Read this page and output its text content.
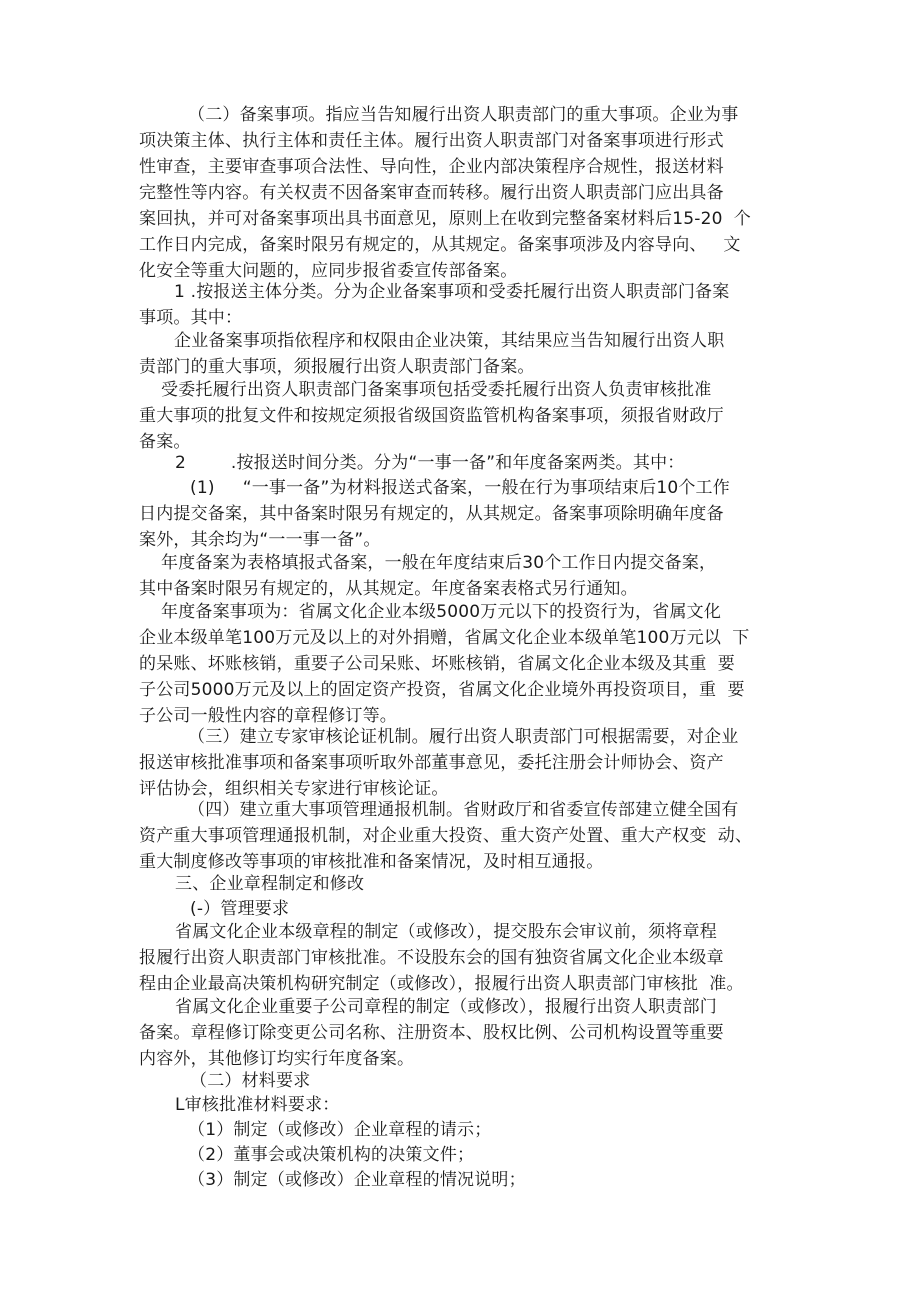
（二）备案事项。指应当告知履行出资人职责部门的重大事项。企业为事
项决策主体、执行主体和责任主体。履行出资人职责部门对备案事项进行形式
性审查，主要审查事项合法性、导向性，企业内部决策程序合规性，报送材料
完整性等内容。有关权责不因备案审查而转移。履行出资人职责部门应出具备
案回执，并可对备案事项出具书面意见，原则上在收到完整备案材料后15-20  个
工作日内完成，备案时限另有规定的，从其规定。备案事项涉及内容导向、   文
化安全等重大问题的，应同步报省委宣传部备案。
1 .按报送主体分类。分为企业备案事项和受委托履行出资人职责部门备案
事项。其中：
企业备案事项指依程序和权限由企业决策，其结果应当告知履行出资人职
责部门的重大事项，须报履行出资人职责部门备案。
受委托履行出资人职责部门备案事项包括受委托履行出资人负责审核批准
重大事项的批复文件和按规定须报省级国资监管机构备案事项，须报省财政厅
备案。
2        .按报送时间分类。分为“一事一备”和年度备案两类。其中：
(1)     “一事一备”为材料报送式备案，一般在行为事项结束后10个工作
日内提交备案，其中备案时限另有规定的，从其规定。备案事项除明确年度备
案外，其余均为“一一事一备”。
年度备案为表格填报式备案，一般在年度结束后30个工作日内提交备案，
其中备案时限另有规定的，从其规定。年度备案表格式另行通知。
年度备案事项为：省属文化企业本级5000万元以下的投资行为，省属文化
企业本级单笔100万元及以上的对外捐赠，省属文化企业本级单笔100万元以  下
的呆账、坏账核销，重要子公司呆账、坏账核销，省属文化企业本级及其重  要
子公司5000万元及以上的固定资产投资，省属文化企业境外再投资项目，重  要
子公司一般性内容的章程修订等。
（三）建立专家审核论证机制。履行出资人职责部门可根据需要，对企业
报送审核批准事项和备案事项听取外部董事意见，委托注册会计师协会、资产
评估协会，组织相关专家进行审核论证。
（四）建立重大事项管理通报机制。省财政厅和省委宣传部建立健全国有
资产重大事项管理通报机制，对企业重大投资、重大资产处置、重大产权变  动、
重大制度修改等事项的审核批准和备案情况，及时相互通报。
三、企业章程制定和修改
(-）管理要求
省属文化企业本级章程的制定（或修改），提交股东会审议前，须将章程
报履行出资人职责部门审核批准。不设股东会的国有独资省属文化企业本级章
程由企业最高决策机构研究制定（或修改），报履行出资人职责部门审核批  准。
省属文化企业重要子公司章程的制定（或修改），报履行出资人职责部门
备案。章程修订除变更公司名称、注册资本、股权比例、公司机构设置等重要
内容外，其他修订均实行年度备案。
（二）材料要求
L审核批准材料要求：
（1）制定（或修改）企业章程的请示；
（2）董事会或决策机构的决策文件；
（3）制定（或修改）企业章程的情况说明；
